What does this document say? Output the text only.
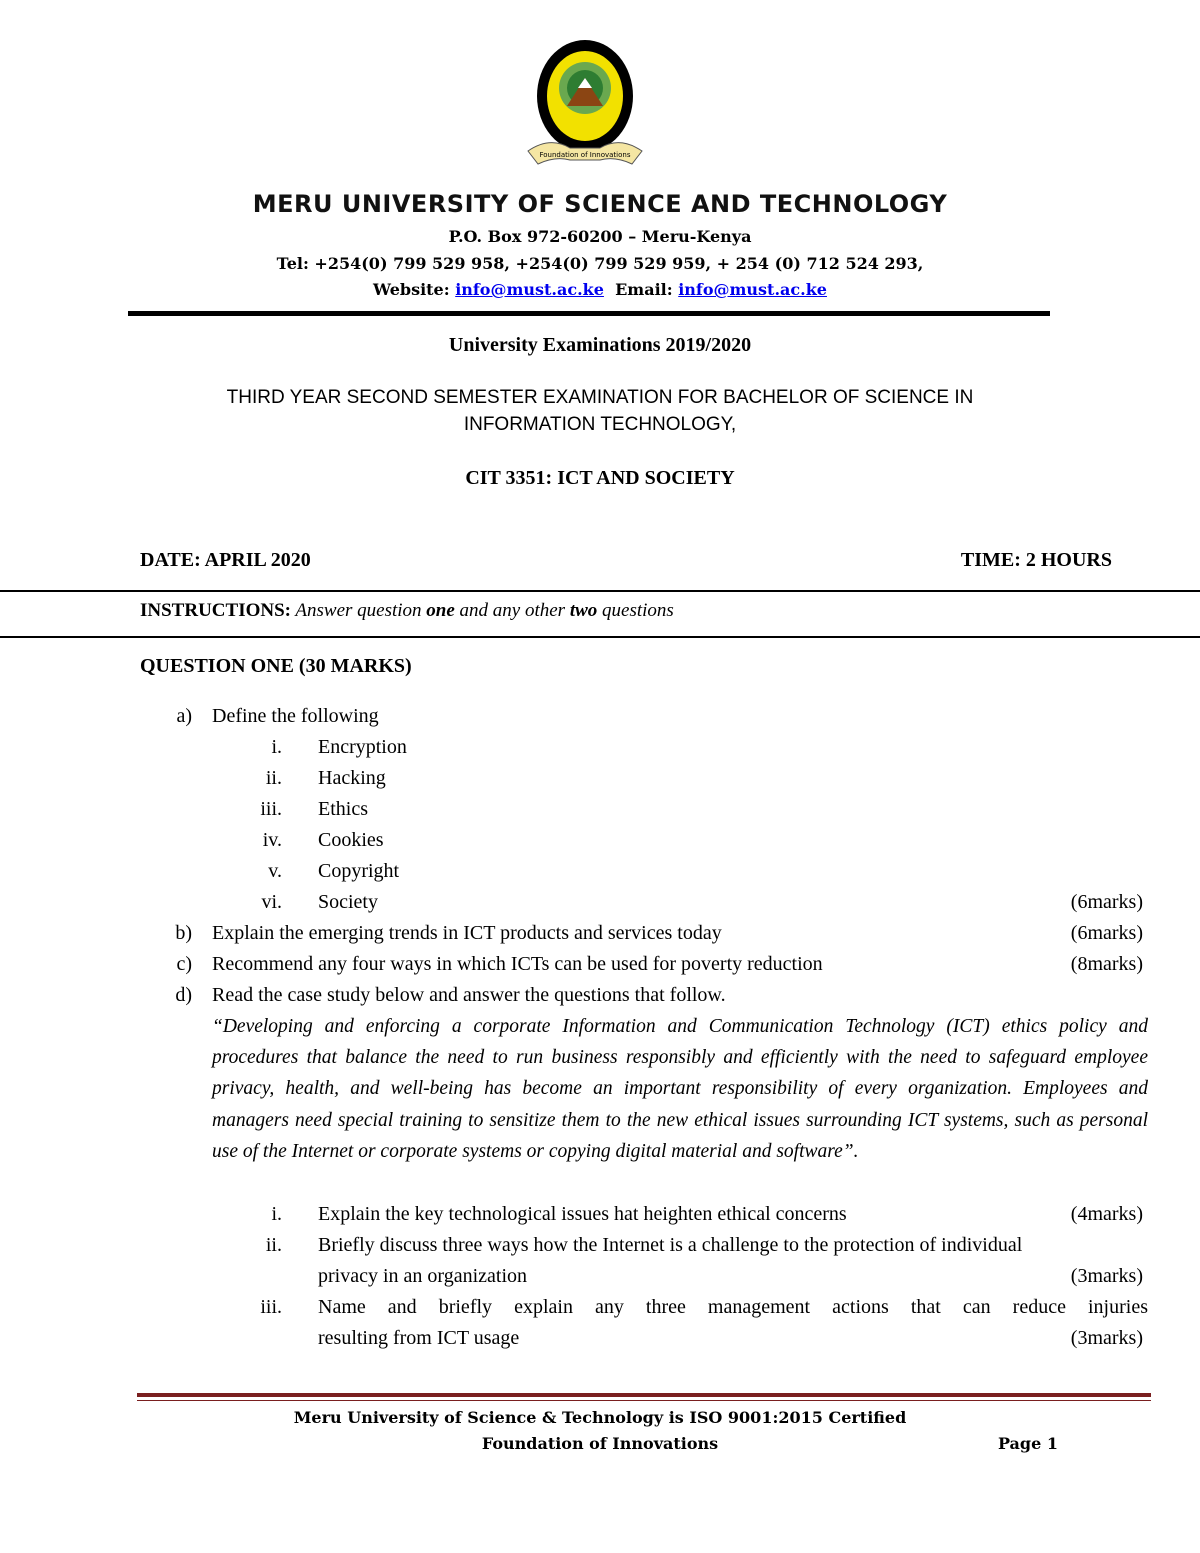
Foundation of Innovations
MERU UNIVERSITY OF SCIENCE AND TECHNOLOGY
P.O. Box 972-60200 – Meru-Kenya
Tel: +254(0) 799 529 958, +254(0) 799 529 959, + 254 (0) 712 524 293,
Website: info@must.ac.ke Email: info@must.ac.ke
University Examinations 2019/2020
THIRD YEAR SECOND SEMESTER EXAMINATION FOR BACHELOR OF SCIENCE IN
INFORMATION TECHNOLOGY,
CIT 3351: ICT AND SOCIETY
DATE: APRIL 2020	TIME: 2 HOURS
INSTRUCTIONS: Answer question one and any other two questions
QUESTION ONE (30 MARKS)
a) Define the following
i. Encryption
ii. Hacking
iii. Ethics
iv. Cookies
v. Copyright
vi. Society	(6marks)
b) Explain the emerging trends in ICT products and services today	(6marks)
c) Recommend any four ways in which ICTs can be used for poverty reduction	(8marks)
d) Read the case study below and answer the questions that follow.
“Developing and enforcing a corporate Information and Communication Technology (ICT) ethics policy and procedures that balance the need to run business responsibly and efficiently with the need to safeguard employee privacy, health, and well-being has become an important responsibility of every organization. Employees and managers need special training to sensitize them to the new ethical issues surrounding ICT systems, such as personal use of the Internet or corporate systems or copying digital material and software”.
i. Explain the key technological issues hat heighten ethical concerns	(4marks)
ii. Briefly discuss three ways how the Internet is a challenge to the protection of individual
privacy in an organization	(3marks)
iii. Name and briefly explain any three management actions that can reduce injuries
resulting from ICT usage	(3marks)
Meru University of Science & Technology is ISO 9001:2015 Certified
Foundation of Innovations	Page 1
